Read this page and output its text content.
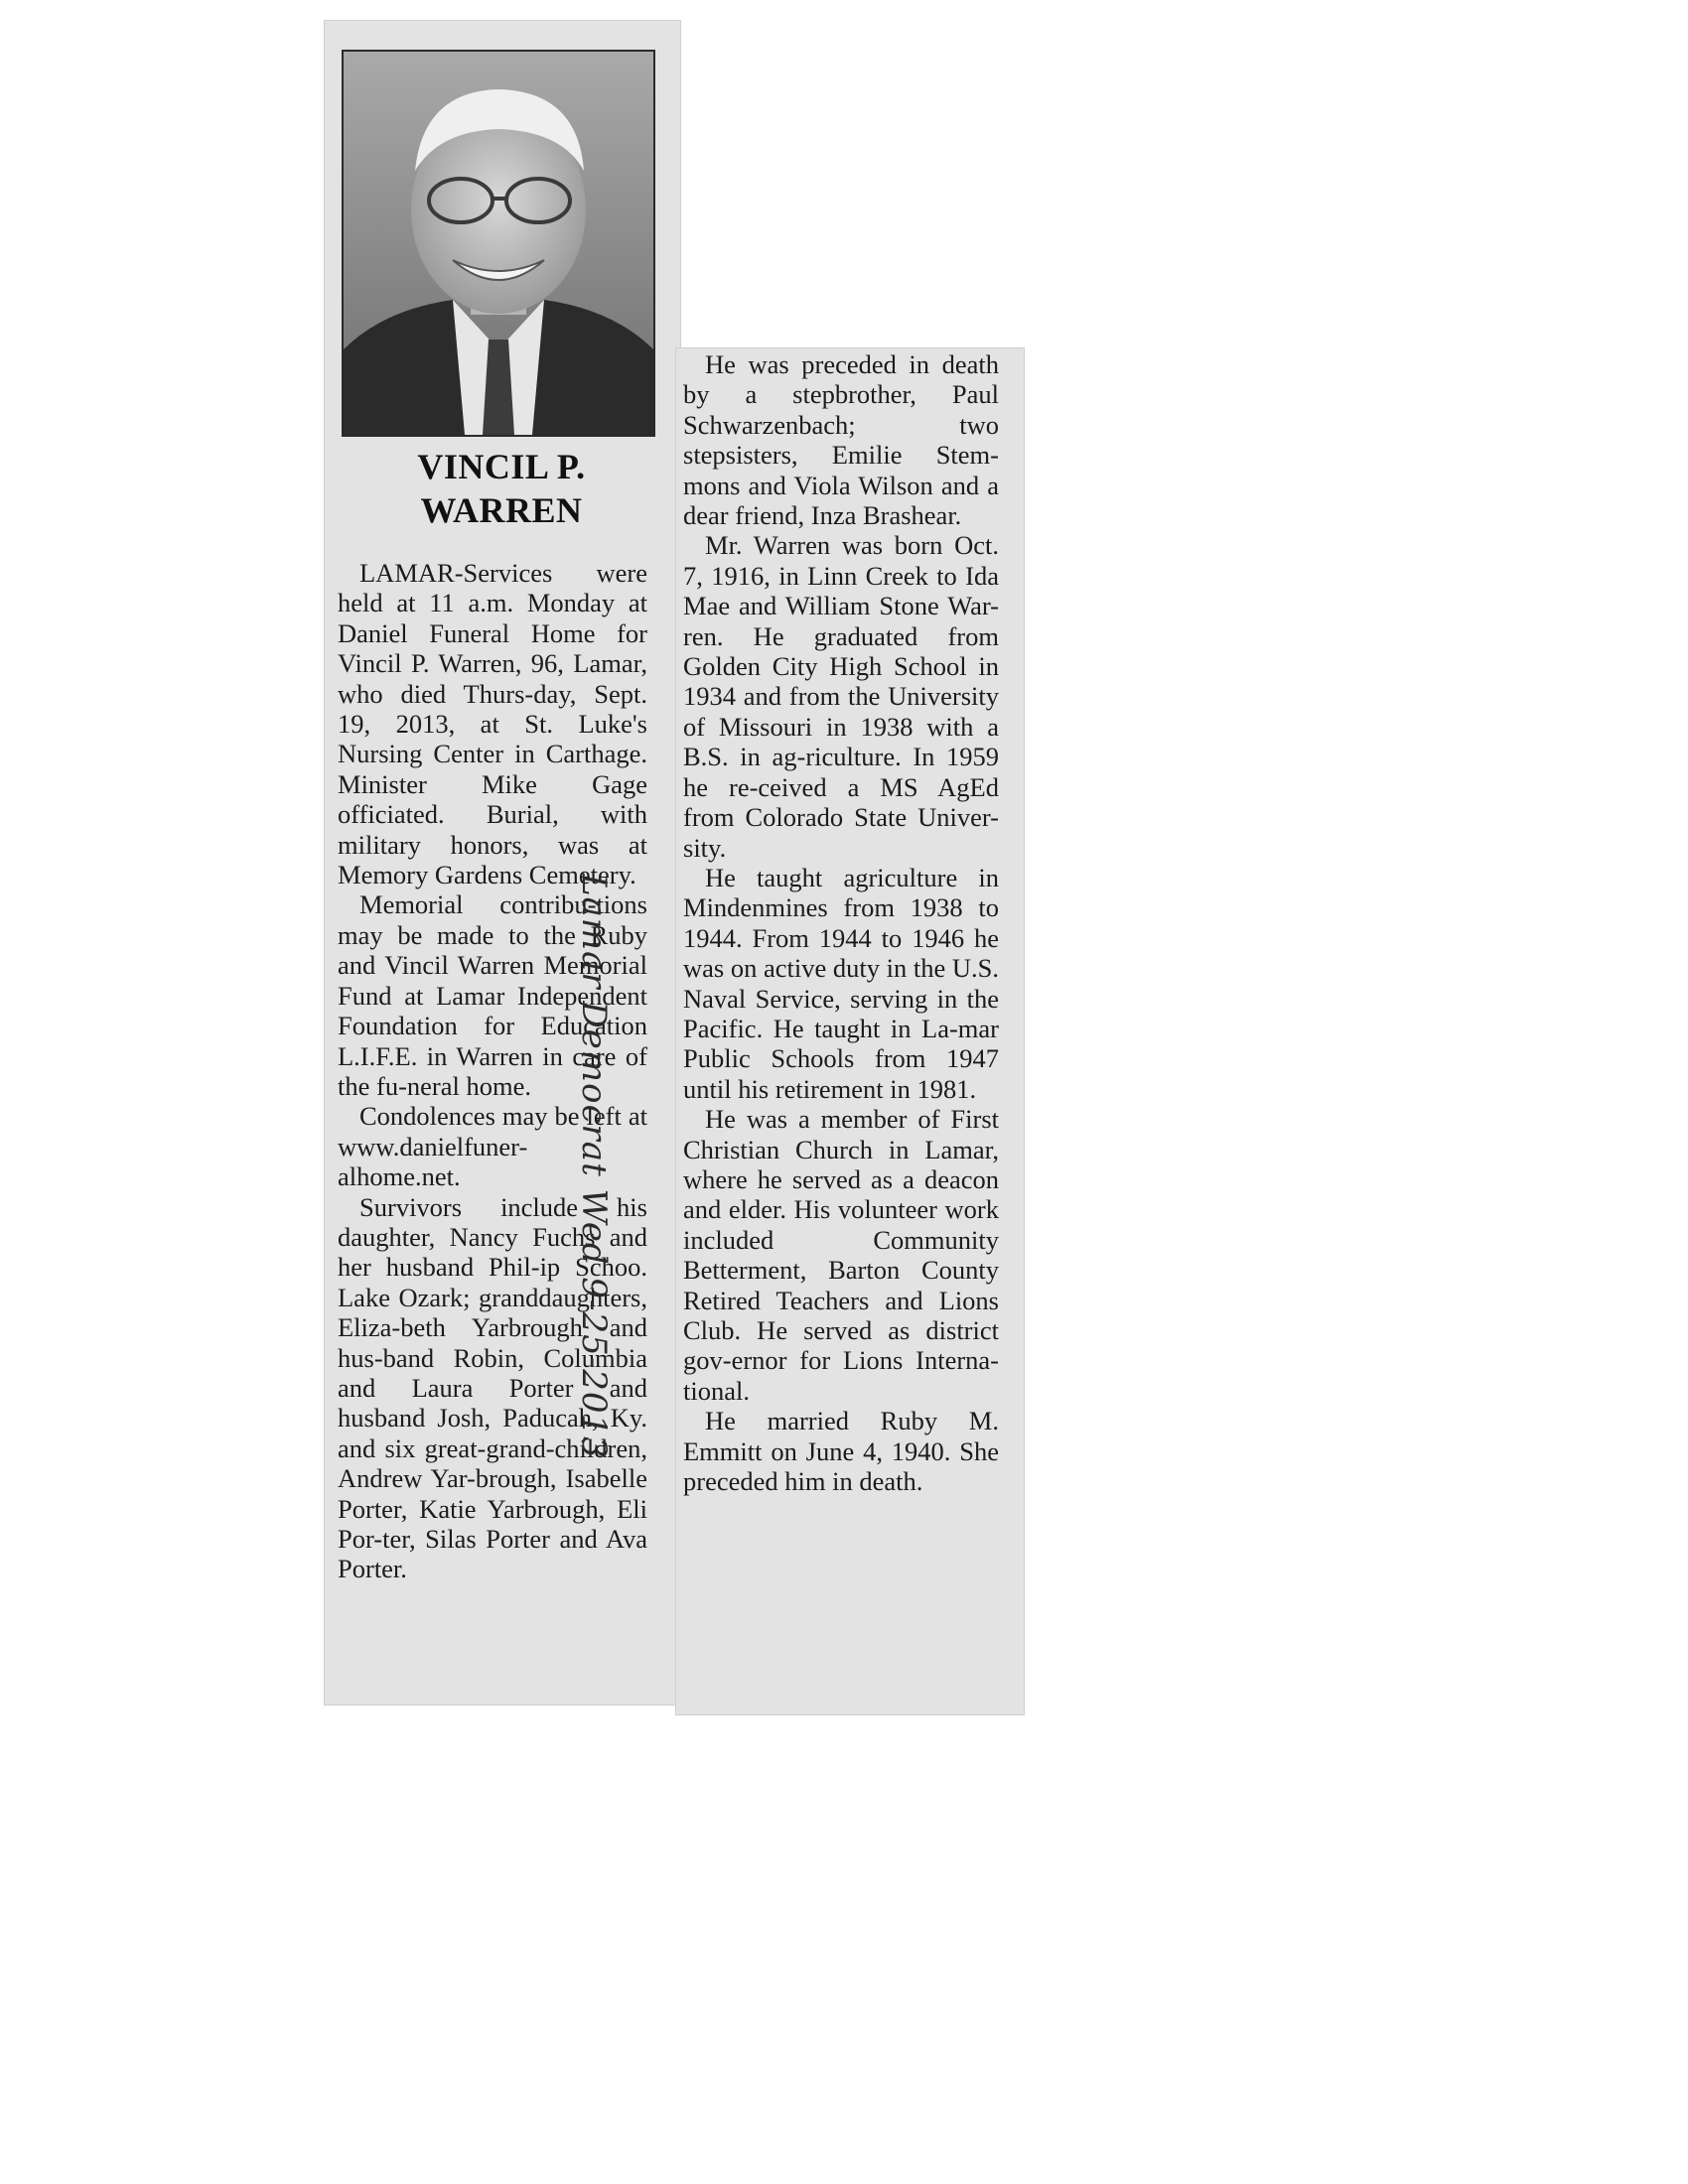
VINCIL P.
WARREN

LAMAR-Services were held at 11 a.m. Monday at Daniel Funeral Home for Vincil P. Warren, 96, Lamar, who died Thurs-day, Sept. 19, 2013, at St. Luke's Nursing Center in Carthage. Minister Mike Gage officiated. Burial, with military honors, was at Memory Gardens Cemetery.

Memorial contribu-tions may be made to the Ruby and Vincil Warren Memorial Fund at Lamar Independent Foundation for Education L.I.F.E. in Warren in care of the fu-neral home.

Condolences may be left at www.danielfuner-alhome.net.

Survivors include his daughter, Nancy Fuchs and her husband Phil-ip Schoo. Lake Ozark; granddaughters, Eliza-beth Yarbrough and hus-band Robin, Columbia and Laura Porter and husband Josh, Paducah, Ky. and six great-grand-children, Andrew Yar-brough, Isabelle Porter, Katie Yarbrough, Eli Por-ter, Silas Porter and Ava Porter.

He was preceded in death by a stepbrother, Paul Schwarzenbach; two stepsisters, Emilie Stem-mons and Viola Wilson and a dear friend, Inza Brashear.

Mr. Warren was born Oct. 7, 1916, in Linn Creek to Ida Mae and William Stone War-ren. He graduated from Golden City High School in 1934 and from the University of Missouri in 1938 with a B.S. in ag-riculture. In 1959 he re-ceived a MS AgEd from Colorado State Univer-sity.

He taught agriculture in Mindenmines from 1938 to 1944. From 1944 to 1946 he was on active duty in the U.S. Naval Service, serving in the Pacific. He taught in La-mar Public Schools from 1947 until his retirement in 1981.

He was a member of First Christian Church in Lamar, where he served as a deacon and elder. His volunteer work included Community Betterment, Barton County Retired Teachers and Lions Club. He served as district gov-ernor for Lions Interna-tional.

He married Ruby M. Emmitt on June 4, 1940. She preceded him in death.

Lamar Democrat Wed 9-25-2013
